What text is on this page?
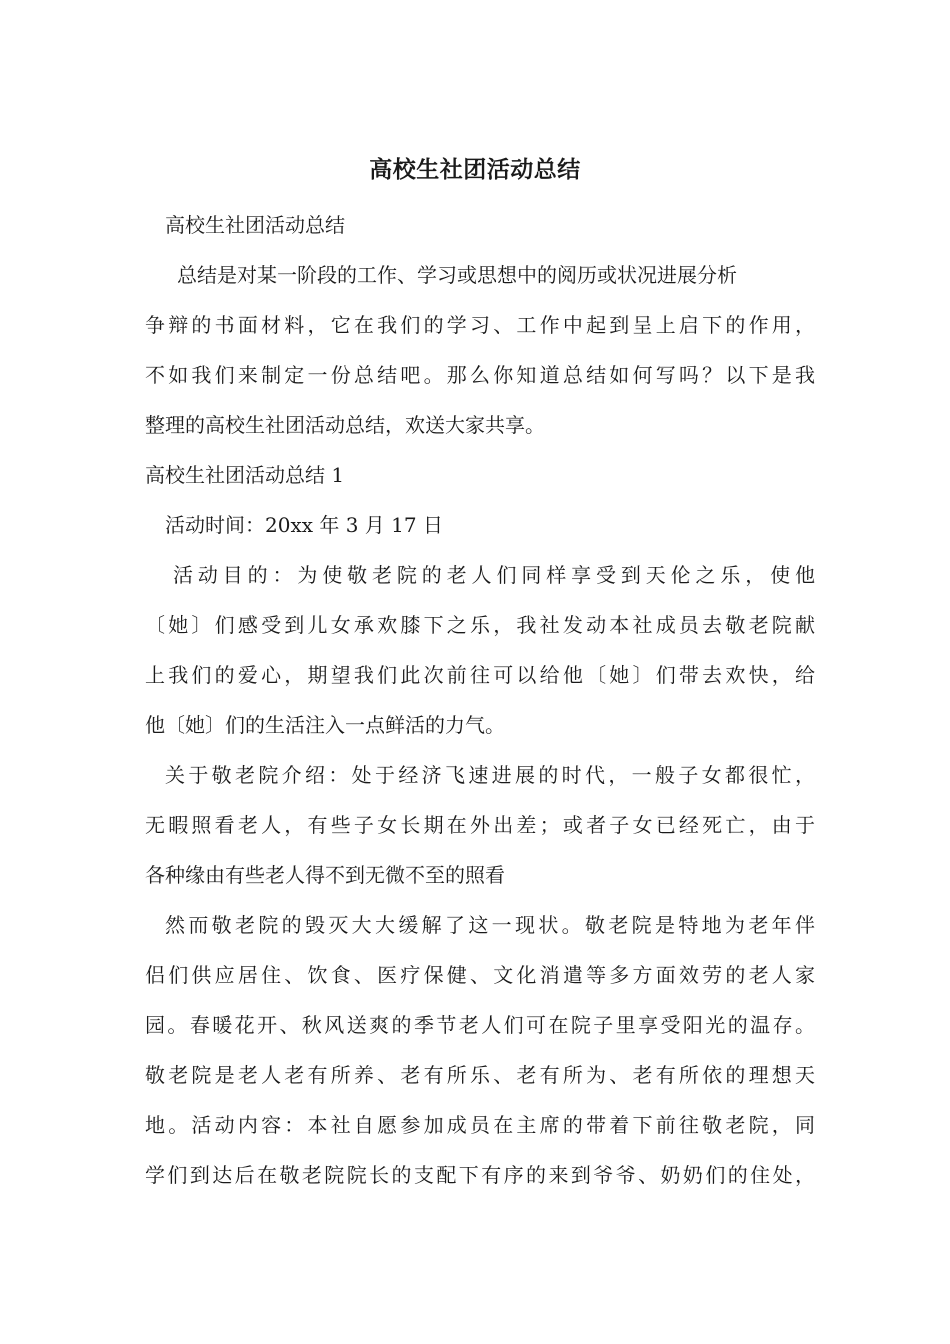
高校生社团活动总结
高校生社团活动总结
总结是对某一阶段的工作、学习或思想中的阅历或状况进展分析
争辩的书面材料，它在我们的学习、工作中起到呈上启下的作用，
不如我们来制定一份总结吧。那么你知道总结如何写吗？以下是我
整理的高校生社团活动总结，欢送大家共享。
高校生社团活动总结 1
活动时间：20xx 年 3 月 17 日
活动目的：为使敬老院的老人们同样享受到天伦之乐，使他
〔她〕们感受到儿女承欢膝下之乐，我社发动本社成员去敬老院献
上我们的爱心，期望我们此次前往可以给他〔她〕们带去欢快，给
他〔她〕们的生活注入一点鲜活的力气。
关于敬老院介绍：处于经济飞速进展的时代，一般子女都很忙，
无暇照看老人，有些子女长期在外出差；或者子女已经死亡，由于
各种缘由有些老人得不到无微不至的照看
然而敬老院的毁灭大大缓解了这一现状。敬老院是特地为老年伴
侣们供应居住、饮食、医疗保健、文化消遣等多方面效劳的老人家
园。春暖花开、秋风送爽的季节老人们可在院子里享受阳光的温存。
敬老院是老人老有所养、老有所乐、老有所为、老有所依的理想天
地。活动内容：本社自愿参加成员在主席的带着下前往敬老院，同
学们到达后在敬老院院长的支配下有序的来到爷爷、奶奶们的住处，
